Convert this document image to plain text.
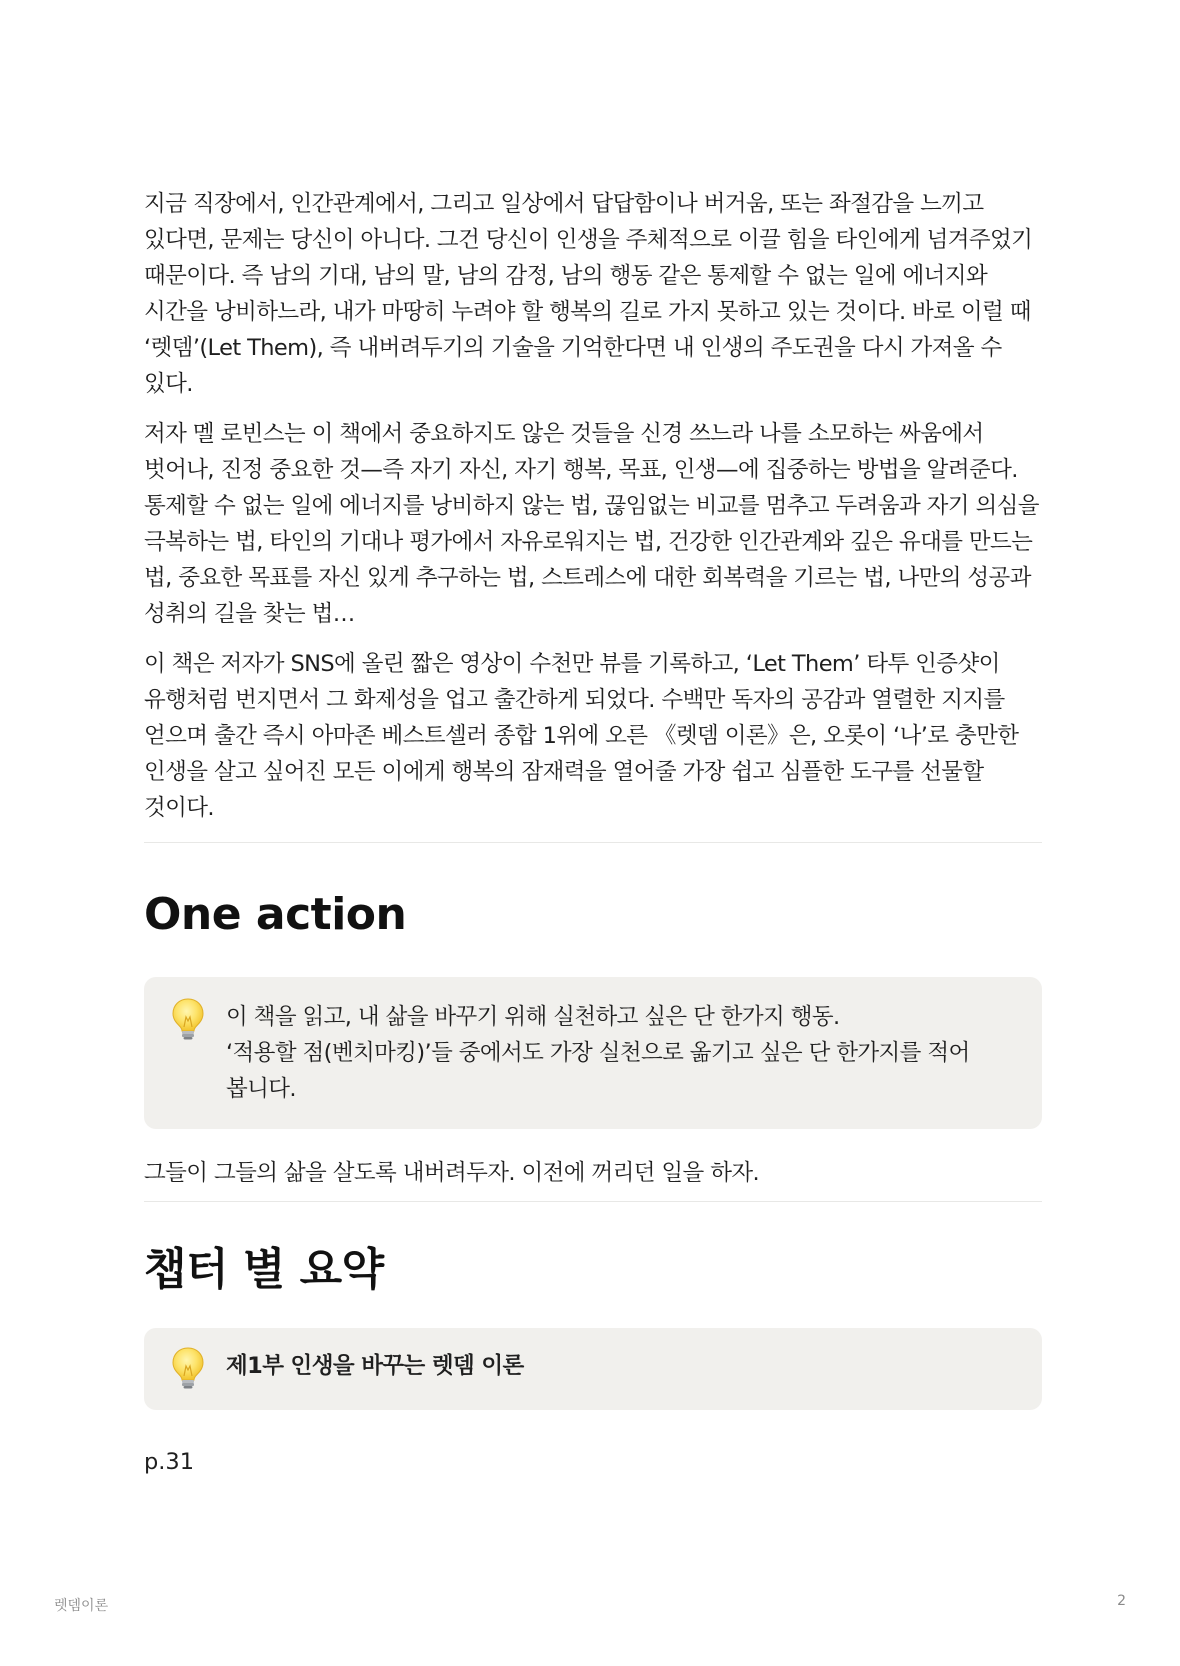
지금 직장에서, 인간관계에서, 그리고 일상에서 답답함이나 버거움, 또는 좌절감을 느끼고 있다면, 문제는 당신이 아니다. 그건 당신이 인생을 주체적으로 이끌 힘을 타인에게 넘겨주었기 때문이다. 즉 남의 기대, 남의 말, 남의 감정, 남의 행동 같은 통제할 수 없는 일에 에너지와 시간을 낭비하느라, 내가 마땅히 누려야 할 행복의 길로 가지 못하고 있는 것이다. 바로 이럴 때 ‘렛뎀’(Let Them), 즉 내버려두기의 기술을 기억한다면 내 인생의 주도권을 다시 가져올 수 있다.

저자 멜 로빈스는 이 책에서 중요하지도 않은 것들을 신경 쓰느라 나를 소모하는 싸움에서 벗어나, 진정 중요한 것—즉 자기 자신, 자기 행복, 목표, 인생—에 집중하는 방법을 알려준다. 통제할 수 없는 일에 에너지를 낭비하지 않는 법, 끊임없는 비교를 멈추고 두려움과 자기 의심을 극복하는 법, 타인의 기대나 평가에서 자유로워지는 법, 건강한 인간관계와 깊은 유대를 만드는 법, 중요한 목표를 자신 있게 추구하는 법, 스트레스에 대한 회복력을 기르는 법, 나만의 성공과 성취의 길을 찾는 법…

이 책은 저자가 SNS에 올린 짧은 영상이 수천만 뷰를 기록하고, ‘Let Them’ 타투 인증샷이 유행처럼 번지면서 그 화제성을 업고 출간하게 되었다. 수백만 독자의 공감과 열렬한 지지를 얻으며 출간 즉시 아마존 베스트셀러 종합 1위에 오른 《렛뎀 이론》은, 오롯이 ‘나’로 충만한 인생을 살고 싶어진 모든 이에게 행복의 잠재력을 열어줄 가장 쉽고 심플한 도구를 선물할 것이다.

One action
이 책을 읽고, 내 삶을 바꾸기 위해 실천하고 싶은 단 한가지 행동.
‘적용할 점(벤치마킹)’들 중에서도 가장 실천으로 옮기고 싶은 단 한가지를 적어 봅니다.

그들이 그들의 삶을 살도록 내버려두자. 이전에 꺼리던 일을 하자.

챕터 별 요약
제1부 인생을 바꾸는 렛뎀 이론

p.31

렛뎀이론	2
